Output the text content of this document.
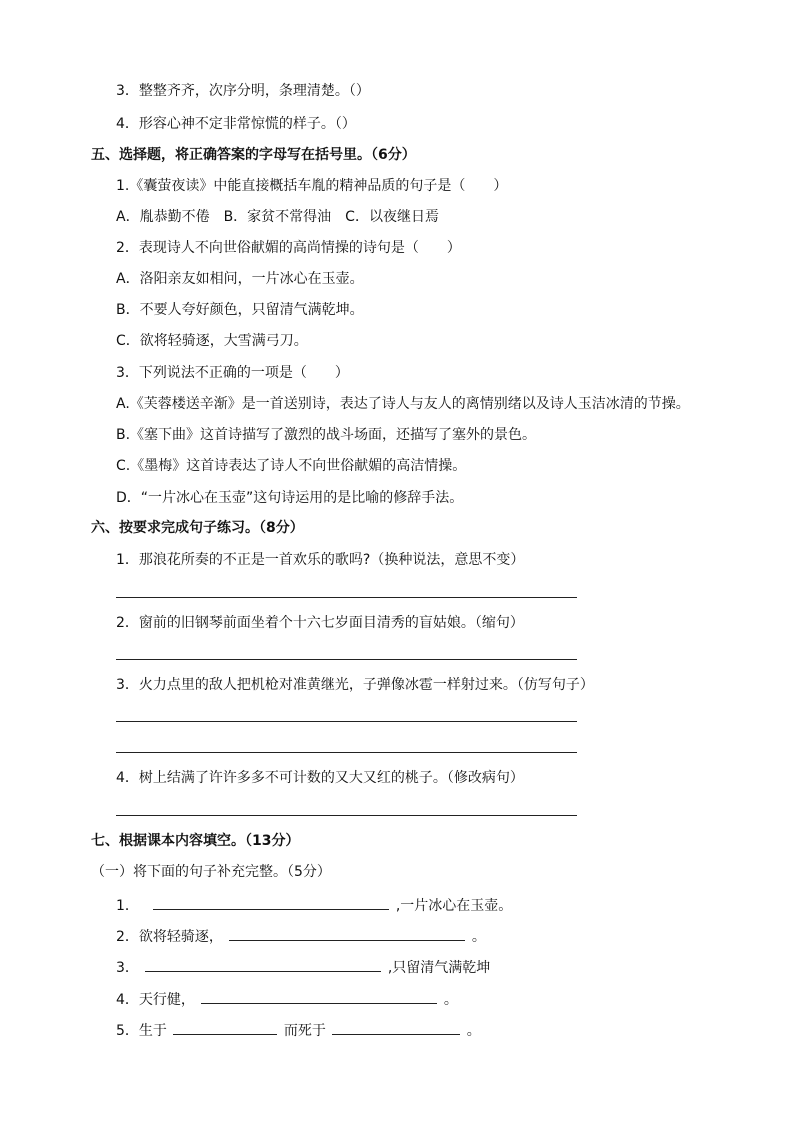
3．整整齐齐，次序分明，条理清楚。（）
4．形容心神不定非常惊慌的样子。（）
五、选择题，将正确答案的字母写在括号里。（6分）
1.《囊萤夜读》中能直接概括车胤的精神品质的句子是（　　）
A．胤恭勤不倦　B．家贫不常得油　C．以夜继日焉
2．表现诗人不向世俗献媚的高尚情操的诗句是（　　）
A．洛阳亲友如相问，一片冰心在玉壶。
B．不要人夸好颜色，只留清气满乾坤。
C．欲将轻骑逐，大雪满弓刀。
3．下列说法不正确的一项是（　　）
A.《芙蓉楼送辛渐》是一首送别诗，表达了诗人与友人的离情别绪以及诗人玉洁冰清的节操。
B.《塞下曲》这首诗描写了激烈的战斗场面，还描写了塞外的景色。
C.《墨梅》这首诗表达了诗人不向世俗献媚的高洁情操。
D．“一片冰心在玉壶”这句诗运用的是比喻的修辞手法。
六、按要求完成句子练习。（8分）
1．那浪花所奏的不正是一首欢乐的歌吗?（换种说法，意思不变）
2．窗前的旧钢琴前面坐着个十六七岁面目清秀的盲姑娘。（缩句）
3．火力点里的敌人把机枪对准黄继光，子弹像冰雹一样射过来。（仿写句子）
4．树上结满了许许多多不可计数的又大又红的桃子。（修改病句）
七、根据课本内容填空。（13分）
（一）将下面的句子补充完整。（5分）
1．	,一片冰心在玉壶。
2．欲将轻骑逐，	。
3．	,只留清气满乾坤
4．天行健，	。
5．生于	而死于	。
